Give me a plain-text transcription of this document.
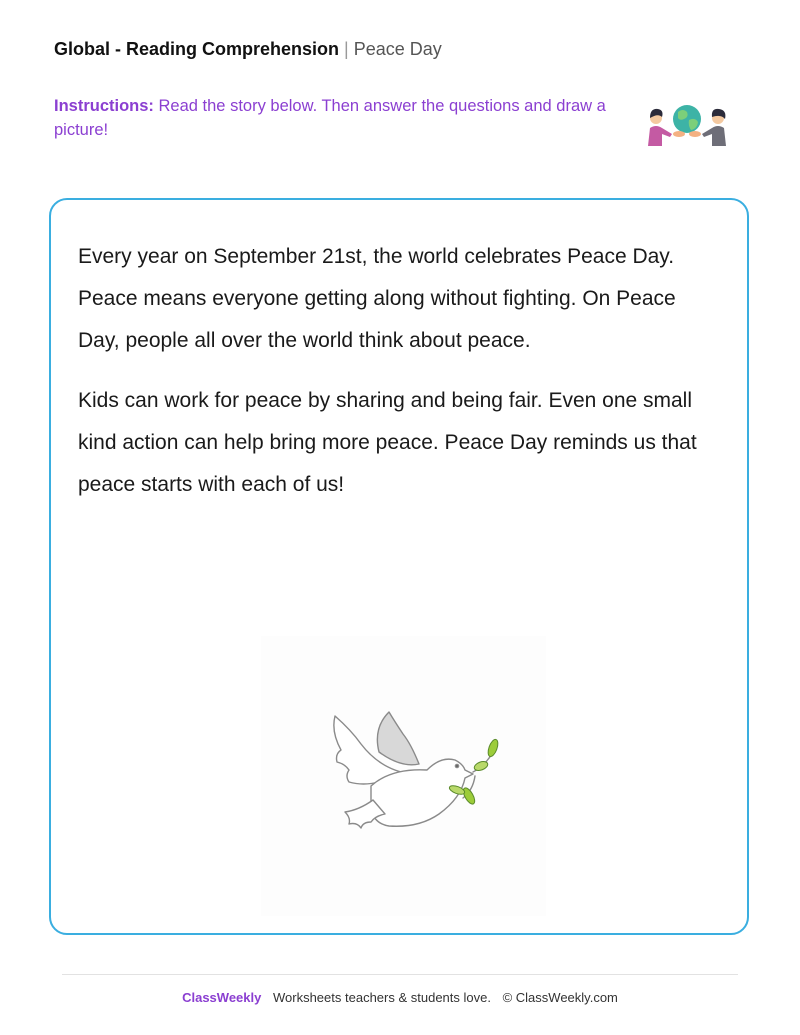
Global - Reading Comprehension | Peace Day
Instructions: Read the story below. Then answer the questions and draw a picture!

Every year on September 21st, the world celebrates Peace Day. Peace means everyone getting along without fighting. On Peace Day, people all over the world think about peace.

Kids can work for peace by sharing and being fair. Even one small kind action can help bring more peace. Peace Day reminds us that peace starts with each of us!

ClassWeekly Worksheets teachers & students love. © ClassWeekly.com
